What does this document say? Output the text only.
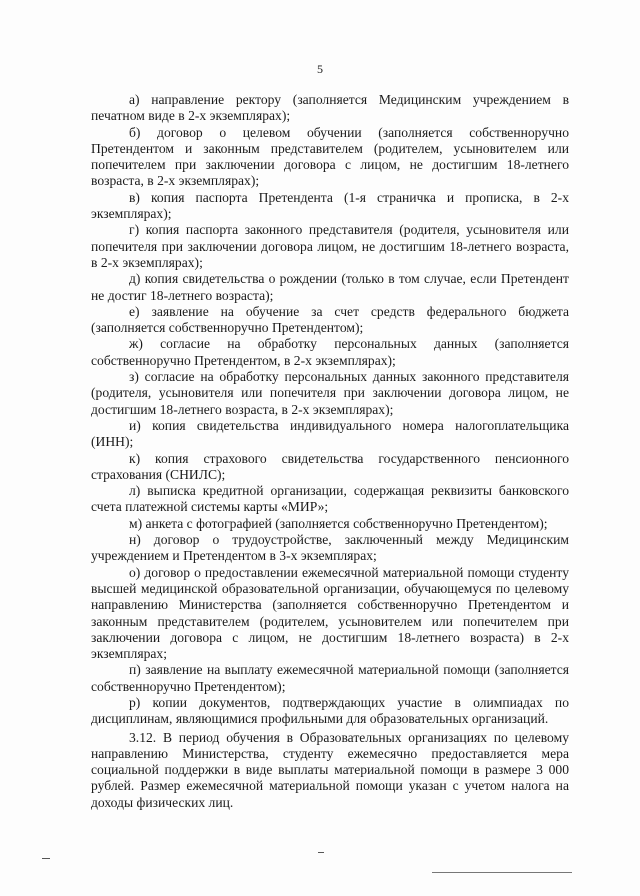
5

а) направление ректору (заполняется Медицинским учреждением в печатном виде в 2-х экземплярах);

б) договор о целевом обучении (заполняется собственноручно Претендентом и законным представителем (родителем, усыновителем или попечителем при заключении договора с лицом, не достигшим 18-летнего возраста, в 2-х экземплярах);

в) копия паспорта Претендента (1-я страничка и прописка, в 2-х экземплярах);

г) копия паспорта законного представителя (родителя, усыновителя или попечителя при заключении договора лицом, не достигшим 18-летнего возраста, в 2-х экземплярах);

д) копия свидетельства о рождении (только в том случае, если Претендент не достиг 18-летнего возраста);

е) заявление на обучение за счет средств федерального бюджета (заполняется собственноручно Претендентом);

ж) согласие на обработку персональных данных (заполняется собственноручно Претендентом, в 2-х экземплярах);

з) согласие на обработку персональных данных законного представителя (родителя, усыновителя или попечителя при заключении договора лицом, не достигшим 18-летнего возраста, в 2-х экземплярах);

и) копия свидетельства индивидуального номера налогоплательщика (ИНН);

к) копия страхового свидетельства государственного пенсионного страхования (СНИЛС);

л) выписка кредитной организации, содержащая реквизиты банковского счета платежной системы карты «МИР»;

м) анкета с фотографией (заполняется собственноручно Претендентом);

н) договор о трудоустройстве, заключенный между Медицинским учреждением и Претендентом в 3-х экземплярах;

о) договор о предоставлении ежемесячной материальной помощи студенту высшей медицинской образовательной организации, обучающемуся по целевому направлению Министерства (заполняется собственноручно Претендентом и законным представителем (родителем, усыновителем или попечителем при заключении договора с лицом, не достигшим 18-летнего возраста) в 2-х экземплярах;

п) заявление на выплату ежемесячной материальной помощи (заполняется собственноручно Претендентом);

р) копии документов, подтверждающих участие в олимпиадах по дисциплинам, являющимися профильными для образовательных организаций.

3.12. В период обучения в Образовательных организациях по целевому направлению Министерства, студенту ежемесячно предоставляется мера социальной поддержки в виде выплаты материальной помощи в размере 3 000 рублей. Размер ежемесячной материальной помощи указан с учетом налога на доходы физических лиц.
